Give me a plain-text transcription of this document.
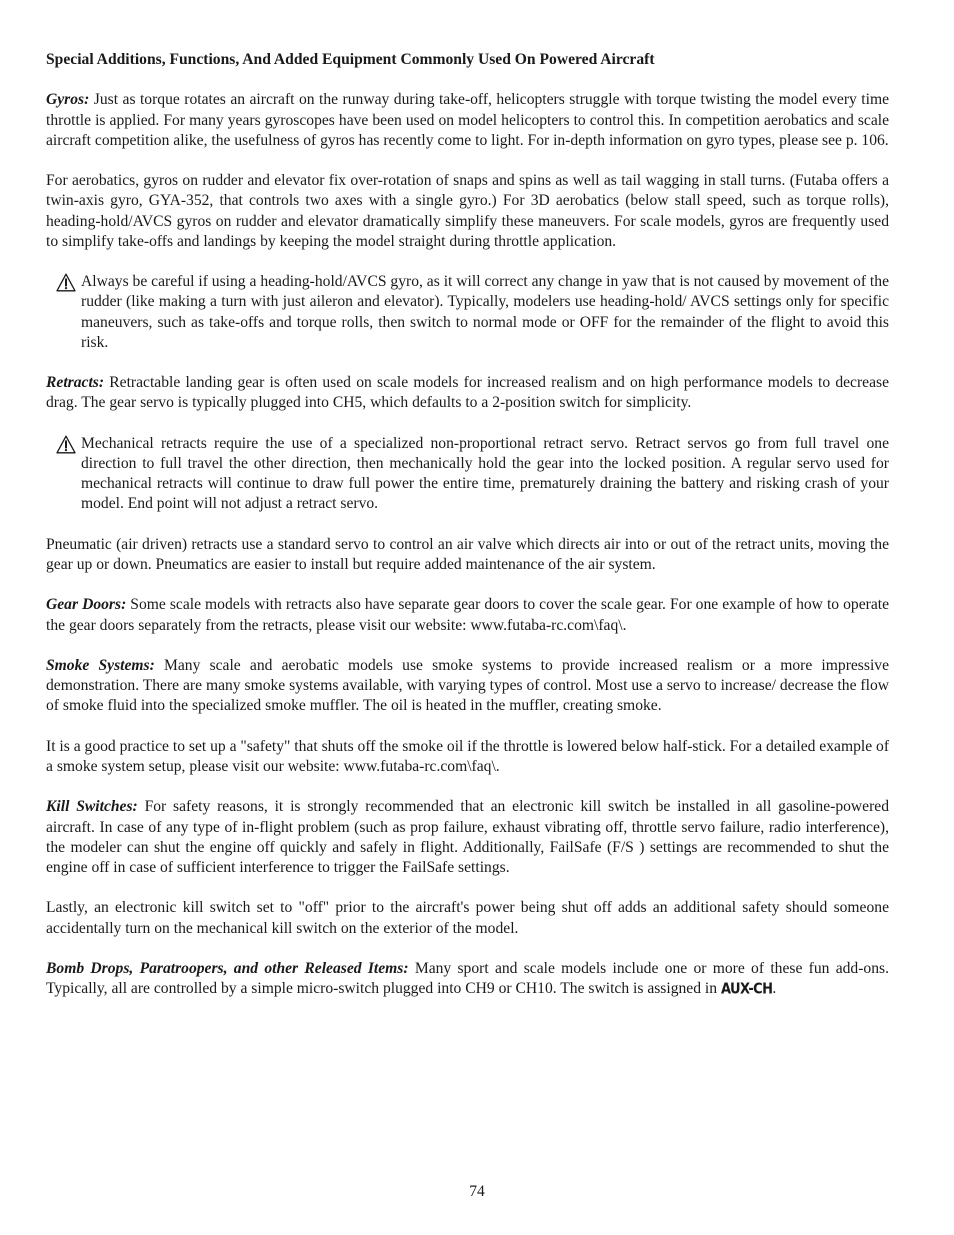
Special Additions, Functions, And Added Equipment Commonly Used On Powered Aircraft

Gyros: Just as torque rotates an aircraft on the runway during take-off, helicopters struggle with torque twisting the model every time throttle is applied. For many years gyroscopes have been used on model helicopters to control this. In competition aerobatics and scale aircraft competition alike, the usefulness of gyros has recently come to light. For in-depth information on gyro types, please see p. 106.

For aerobatics, gyros on rudder and elevator fix over-rotation of snaps and spins as well as tail wagging in stall turns. (Futaba offers a twin-axis gyro, GYA-352, that controls two axes with a single gyro.) For 3D aerobatics (below stall speed, such as torque rolls), heading-hold/AVCS gyros on rudder and elevator dramatically simplify these maneuvers. For scale models, gyros are frequently used to simplify take-offs and landings by keeping the model straight during throttle application.

Always be careful if using a heading-hold/AVCS gyro, as it will correct any change in yaw that is not caused by movement of the rudder (like making a turn with just aileron and elevator). Typically, modelers use heading-hold/ AVCS settings only for specific maneuvers, such as take-offs and torque rolls, then switch to normal mode or OFF for the remainder of the flight to avoid this risk.

Retracts: Retractable landing gear is often used on scale models for increased realism and on high performance models to decrease drag. The gear servo is typically plugged into CH5, which defaults to a 2-position switch for simplicity.

Mechanical retracts require the use of a specialized non-proportional retract servo. Retract servos go from full travel one direction to full travel the other direction, then mechanically hold the gear into the locked position. A regular servo used for mechanical retracts will continue to draw full power the entire time, prematurely draining the battery and risking crash of your model. End point will not adjust a retract servo.

Pneumatic (air driven) retracts use a standard servo to control an air valve which directs air into or out of the retract units, moving the gear up or down. Pneumatics are easier to install but require added maintenance of the air system.

Gear Doors: Some scale models with retracts also have separate gear doors to cover the scale gear. For one example of how to operate the gear doors separately from the retracts, please visit our website: www.futaba-rc.com\faq\.

Smoke Systems: Many scale and aerobatic models use smoke systems to provide increased realism or a more impressive demonstration. There are many smoke systems available, with varying types of control. Most use a servo to increase/ decrease the flow of smoke fluid into the specialized smoke muffler. The oil is heated in the muffler, creating smoke.

It is a good practice to set up a "safety" that shuts off the smoke oil if the throttle is lowered below half-stick. For a detailed example of a smoke system setup, please visit our website: www.futaba-rc.com\faq\.

Kill Switches: For safety reasons, it is strongly recommended that an electronic kill switch be installed in all gasoline-powered aircraft. In case of any type of in-flight problem (such as prop failure, exhaust vibrating off, throttle servo failure, radio interference), the modeler can shut the engine off quickly and safely in flight. Additionally, FailSafe (F/S ) settings are recommended to shut the engine off in case of sufficient interference to trigger the FailSafe settings.

Lastly, an electronic kill switch set to "off" prior to the aircraft's power being shut off adds an additional safety should someone accidentally turn on the mechanical kill switch on the exterior of the model.

Bomb Drops, Paratroopers, and other Released Items: Many sport and scale models include one or more of these fun add-ons. Typically, all are controlled by a simple micro-switch plugged into CH9 or CH10. The switch is assigned in AUX-CH.

74
